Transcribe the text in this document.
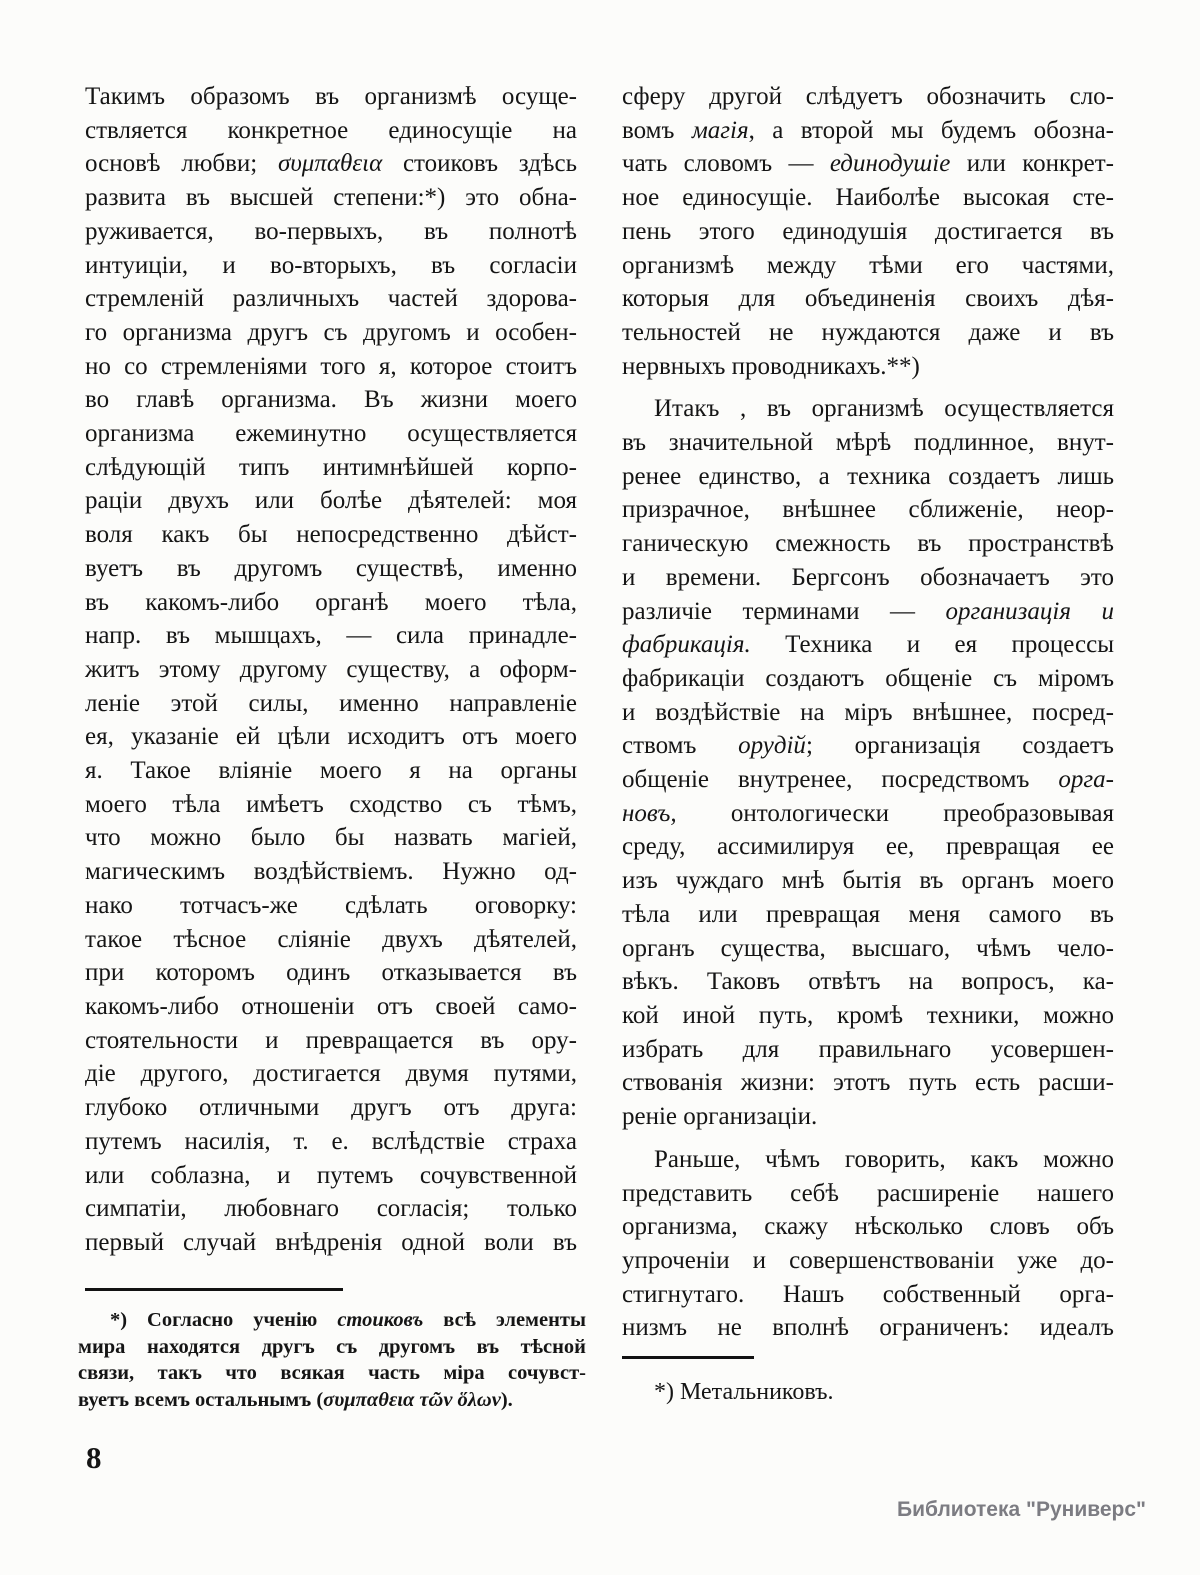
Такимъ образомъ въ организмѣ осуще-
ствляется конкретное единосущіе на
основѣ любви; συμπαθεια стоиковъ здѣсь
развита въ высшей степени:*) это обна-
руживается, во-первыхъ, въ полнотѣ
интуиціи, и во-вторыхъ, въ согласіи
стремленій различныхъ частей здорова-
го организма другъ съ другомъ и особен-
но со стремленіями того я, которое стоитъ
во главѣ организма. Въ жизни моего
организма ежеминутно осуществляется
слѣдующій типъ интимнѣйшей корпо-
раціи двухъ или болѣе дѣятелей: моя
воля какъ бы непосредственно дѣйст-
вуетъ въ другомъ существѣ, именно
въ какомъ-либо органѣ моего тѣла,
напр. въ мышцахъ, — сила принадле-
житъ этому другому существу, а оформ-
леніе этой силы, именно направленіе
ея, указаніе ей цѣли исходитъ отъ моего
я. Такое вліяніе моего я на органы
моего тѣла имѣетъ сходство съ тѣмъ,
что можно было бы назвать магіей,
магическимъ воздѣйствіемъ. Нужно од-
нако тотчасъ-же сдѣлать оговорку:
такое тѣсное сліяніе двухъ дѣятелей,
при которомъ одинъ отказывается въ
какомъ-либо отношеніи отъ своей само-
стоятельности и превращается въ ору-
діе другого, достигается двумя путями,
глубоко отличными другъ отъ друга:
путемъ насилія, т. е. вслѣдствіе страха
или соблазна, и путемъ сочувственной
симпатіи, любовнаго согласія; только
первый случай внѣдренія одной воли въ
сферу другой слѣдуетъ обозначить сло-
вомъ магія, а второй мы будемъ обозна-
чать словомъ — единодушіе или конкрет-
ное единосущіе. Наиболѣе высокая сте-
пень этого единодушія достигается въ
организмѣ между тѣми его частями,
которыя для объединенія своихъ дѣя-
тельностей не нуждаются даже и въ
нервныхъ проводникахъ.**)
Итакъ , въ организмѣ осуществляется
въ значительной мѣрѣ подлинное, внут-
ренее единство, а техника создаетъ лишь
призрачное, внѣшнее сближеніе, неор-
ганическую смежность въ пространствѣ
и времени. Бергсонъ обозначаетъ это
различіе терминами — организація и
фабрикація. Техника и ея процессы
фабрикаціи создаютъ общеніе съ міромъ
и воздѣйствіе на міръ внѣшнее, посред-
ствомъ орудій; организація создаетъ
общеніе внутренее, посредствомъ орга-
новъ, онтологически преобразовывая
среду, ассимилируя ее, превращая ее
изъ чуждаго мнѣ бытія въ органъ моего
тѣла или превращая меня самого въ
органъ существа, высшаго, чѣмъ чело-
вѣкъ. Таковъ отвѣтъ на вопросъ, ка-
кой иной путь, кромѣ техники, можно
избрать для правильнаго усовершен-
ствованія жизни: этотъ путь есть расши-
реніе организаціи.
Раньше, чѣмъ говорить, какъ можно
представить себѣ расширеніе нашего
организма, скажу нѣсколько словъ объ
упроченіи и совершенствованіи уже до-
стигнутаго. Нашъ собственный орга-
низмъ не вполнѣ ограниченъ: идеалъ
*) Согласно ученію стоиковъ всѣ элементы
мира находятся другъ съ другомъ въ тѣсной
связи, такъ что всякая часть міра сочувст-
вуетъ всемъ остальнымъ (συμπαθεια τῶν ὅλων).	*) Метальниковъ.
8
Библиотека "Руниверс"
